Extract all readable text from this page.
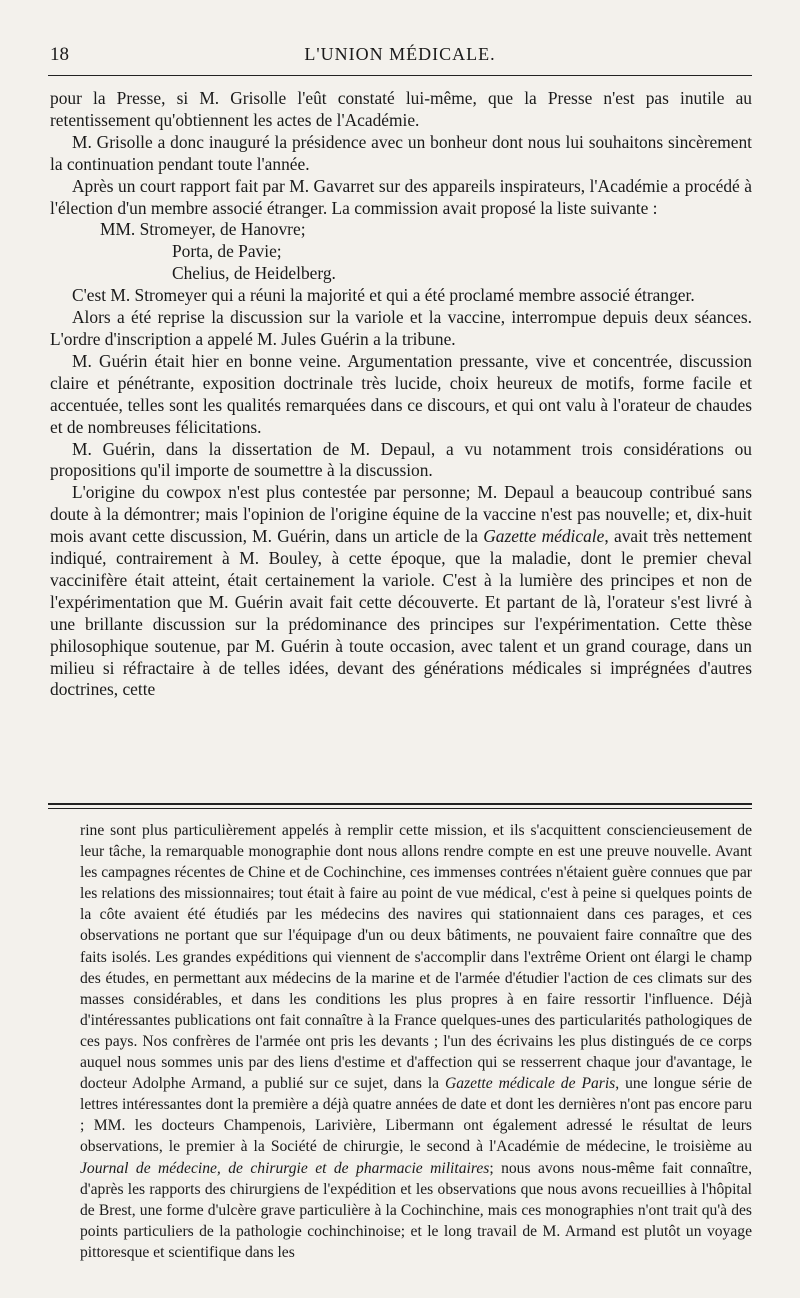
18	L'UNION MÉDICALE.

pour la Presse, si M. Grisolle l'eût constaté lui-même, que la Presse n'est pas inutile au retentissement qu'obtiennent les actes de l'Académie.

M. Grisolle a donc inauguré la présidence avec un bonheur dont nous lui souhaitons sincèrement la continuation pendant toute l'année.

Après un court rapport fait par M. Gavarret sur des appareils inspirateurs, l'Académie a procédé à l'élection d'un membre associé étranger. La commission avait proposé la liste suivante :

MM. Stromeyer, de Hanovre;
Porta, de Pavie;
Chelius, de Heidelberg.

C'est M. Stromeyer qui a réuni la majorité et qui a été proclamé membre associé étranger.

Alors a été reprise la discussion sur la variole et la vaccine, interrompue depuis deux séances. L'ordre d'inscription a appelé M. Jules Guérin a la tribune.

M. Guérin était hier en bonne veine. Argumentation pressante, vive et concentrée, discussion claire et pénétrante, exposition doctrinale très lucide, choix heureux de motifs, forme facile et accentuée, telles sont les qualités remarquées dans ce discours, et qui ont valu à l'orateur de chaudes et de nombreuses félicitations.

M. Guérin, dans la dissertation de M. Depaul, a vu notamment trois considérations ou propositions qu'il importe de soumettre à la discussion.

L'origine du cowpox n'est plus contestée par personne; M. Depaul a beaucoup contribué sans doute à la démontrer; mais l'opinion de l'origine équine de la vaccine n'est pas nouvelle; et, dix-huit mois avant cette discussion, M. Guérin, dans un article de la Gazette médicale, avait très nettement indiqué, contrairement à M. Bouley, à cette époque, que la maladie, dont le premier cheval vaccinifère était atteint, était certainement la variole. C'est à la lumière des principes et non de l'expérimentation que M. Guérin avait fait cette découverte. Et partant de là, l'orateur s'est livré à une brillante discussion sur la prédominance des principes sur l'expérimentation. Cette thèse philosophique soutenue, par M. Guérin à toute occasion, avec talent et un grand courage, dans un milieu si réfractaire à de telles idées, devant des générations médicales si imprégnées d'autres doctrines, cette

rine sont plus particulièrement appelés à remplir cette mission, et ils s'acquittent consciencieusement de leur tâche, la remarquable monographie dont nous allons rendre compte en est une preuve nouvelle. Avant les campagnes récentes de Chine et de Cochinchine, ces immenses contrées n'étaient guère connues que par les relations des missionnaires; tout était à faire au point de vue médical, c'est à peine si quelques points de la côte avaient été étudiés par les médecins des navires qui stationnaient dans ces parages, et ces observations ne portant que sur l'équipage d'un ou deux bâtiments, ne pouvaient faire connaître que des faits isolés. Les grandes expéditions qui viennent de s'accomplir dans l'extrême Orient ont élargi le champ des études, en permettant aux médecins de la marine et de l'armée d'étudier l'action de ces climats sur des masses considérables, et dans les conditions les plus propres à en faire ressortir l'influence. Déjà d'intéressantes publications ont fait connaître à la France quelques-unes des particularités pathologiques de ces pays. Nos confrères de l'armée ont pris les devants ; l'un des écrivains les plus distingués de ce corps auquel nous sommes unis par des liens d'estime et d'affection qui se resserrent chaque jour d'avantage, le docteur Adolphe Armand, a publié sur ce sujet, dans la Gazette médicale de Paris, une longue série de lettres intéressantes dont la première a déjà quatre années de date et dont les dernières n'ont pas encore paru ; MM. les docteurs Champenois, Larivière, Libermann ont également adressé le résultat de leurs observations, le premier à la Société de chirurgie, le second à l'Académie de médecine, le troisième au Journal de médecine, de chirurgie et de pharmacie militaires; nous avons nous-même fait connaître, d'après les rapports des chirurgiens de l'expédition et les observations que nous avons recueillies à l'hôpital de Brest, une forme d'ulcère grave particulière à la Cochinchine, mais ces monographies n'ont trait qu'à des points particuliers de la pathologie cochinchinoise; et le long travail de M. Armand est plutôt un voyage pittoresque et scientifique dans les
